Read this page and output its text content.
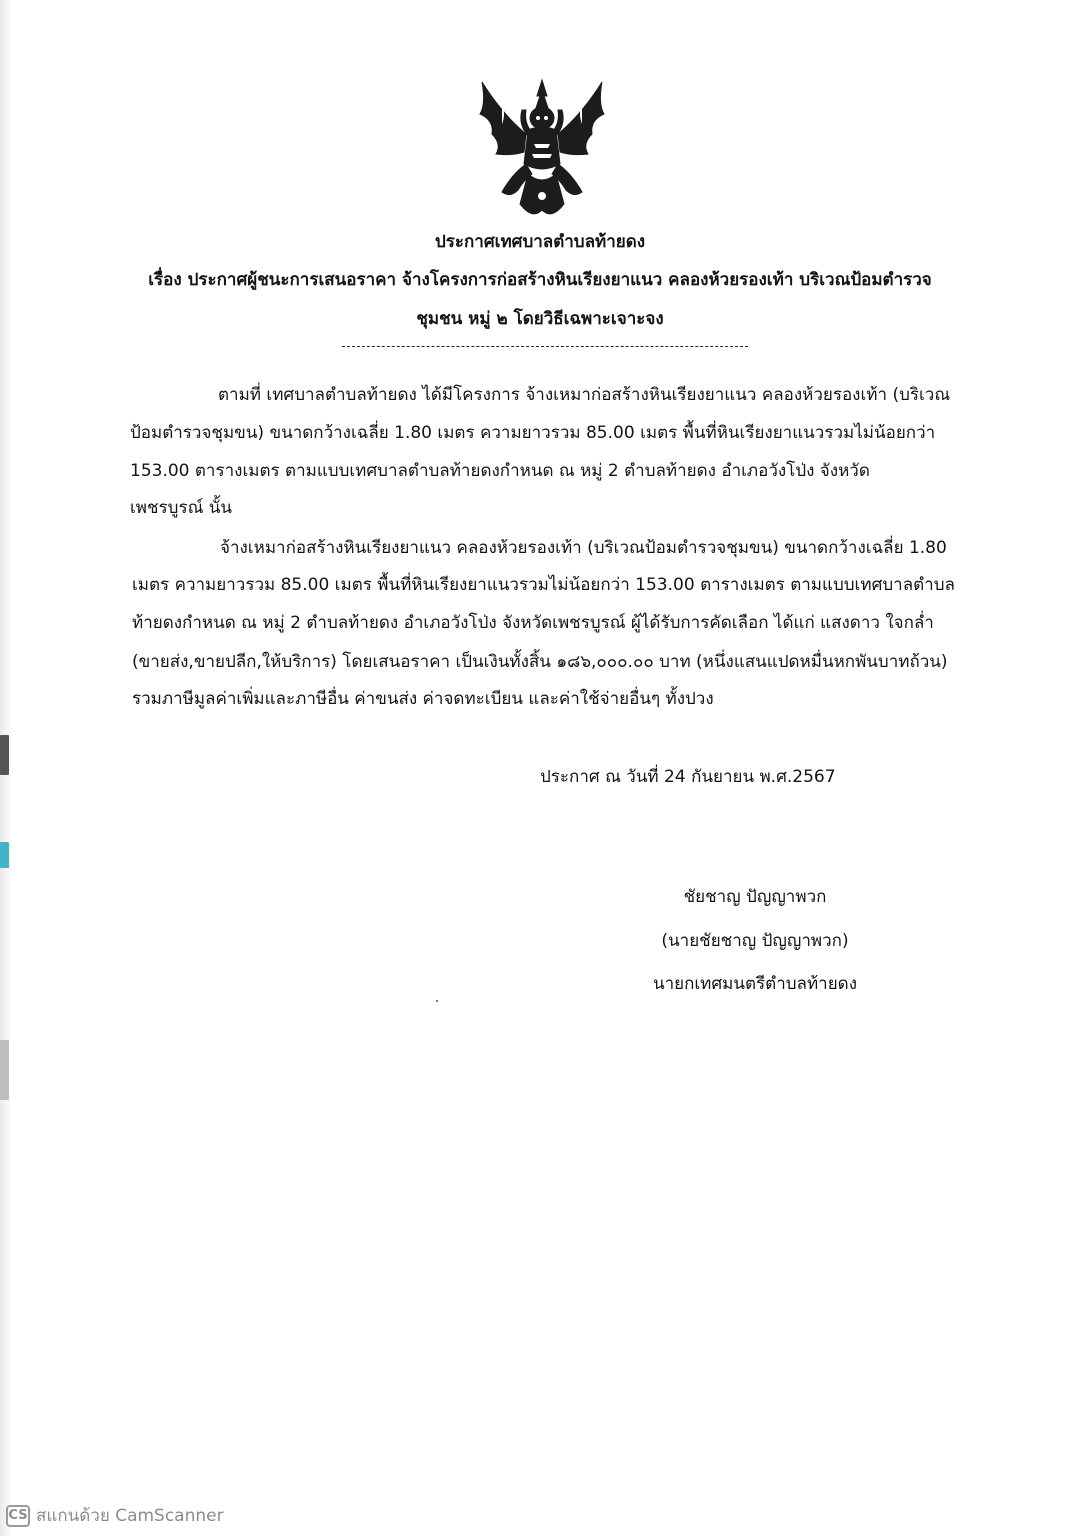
ประกาศเทศบาลตำบลท้ายดง
เรื่อง ประกาศผู้ชนะการเสนอราคา จ้างโครงการก่อสร้างหินเรียงยาแนว คลองห้วยรองเท้า บริเวณป้อมตำรวจ
ชุมชน หมู่ ๒ โดยวิธีเฉพาะเจาะจง
ตามที่ เทศบาลตำบลท้ายดง ได้มีโครงการ จ้างเหมาก่อสร้างหินเรียงยาแนว คลองห้วยรองเท้า (บริเวณ
ป้อมตำรวจชุมขน) ขนาดกว้างเฉลี่ย 1.80 เมตร ความยาวรวม 85.00 เมตร พื้นที่หินเรียงยาแนวรวมไม่น้อยกว่า
153.00 ตารางเมตร ตามแบบเทศบาลตำบลท้ายดงกำหนด ณ หมู่ 2 ตำบลท้ายดง อำเภอวังโป่ง จังหวัด
เพชรบูรณ์ นั้น
จ้างเหมาก่อสร้างหินเรียงยาแนว คลองห้วยรองเท้า (บริเวณป้อมตำรวจชุมขน) ขนาดกว้างเฉลี่ย 1.80
เมตร ความยาวรวม 85.00 เมตร พื้นที่หินเรียงยาแนวรวมไม่น้อยกว่า 153.00 ตารางเมตร ตามแบบเทศบาลตำบล
ท้ายดงกำหนด ณ หมู่ 2 ตำบลท้ายดง อำเภอวังโป่ง จังหวัดเพชรบูรณ์ ผู้ได้รับการคัดเลือก ได้แก่ แสงดาว ใจกล่ำ
(ขายส่ง,ขายปลีก,ให้บริการ) โดยเสนอราคา เป็นเงินทั้งสิ้น ๑๘๖,๐๐๐.๐๐ บาท (หนึ่งแสนแปดหมื่นหกพันบาทถ้วน)
รวมภาษีมูลค่าเพิ่มและภาษีอื่น ค่าขนส่ง ค่าจดทะเบียน และค่าใช้จ่ายอื่นๆ ทั้งปวง
ประกาศ ณ วันที่ 24 กันยายน พ.ศ.2567
ชัยชาญ ปัญญาพวก
(นายชัยชาญ ปัญญาพวก)
นายกเทศมนตรีตำบลท้ายดง
CS สแกนด้วย CamScanner
